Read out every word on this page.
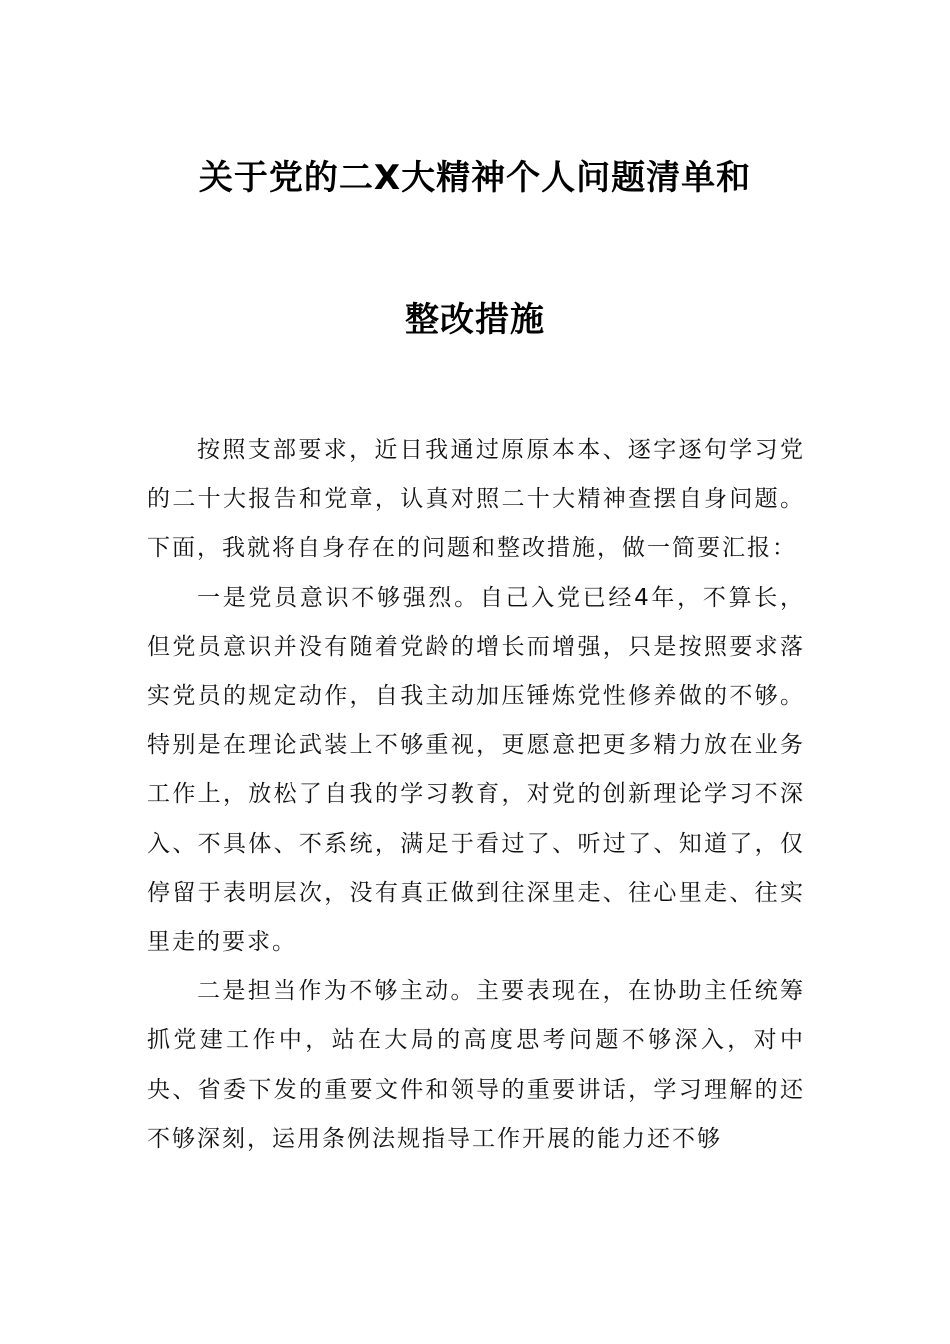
关于党的二X大精神个人问题清单和
整改措施

按照支部要求，近日我通过原原本本、逐字逐句学习党的二十大报告和党章，认真对照二十大精神查摆自身问题。下面，我就将自身存在的问题和整改措施，做一简要汇报：

一是党员意识不够强烈。自己入党已经4年，不算长，但党员意识并没有随着党龄的增长而增强，只是按照要求落实党员的规定动作，自我主动加压锤炼党性修养做的不够。特别是在理论武装上不够重视，更愿意把更多精力放在业务工作上，放松了自我的学习教育，对党的创新理论学习不深入、不具体、不系统，满足于看过了、听过了、知道了，仅停留于表明层次，没有真正做到往深里走、往心里走、往实里走的要求。

二是担当作为不够主动。主要表现在，在协助主任统筹抓党建工作中，站在大局的高度思考问题不够深入，对中央、省委下发的重要文件和领导的重要讲话，学习理解的还不够深刻，运用条例法规指导工作开展的能力还不够
